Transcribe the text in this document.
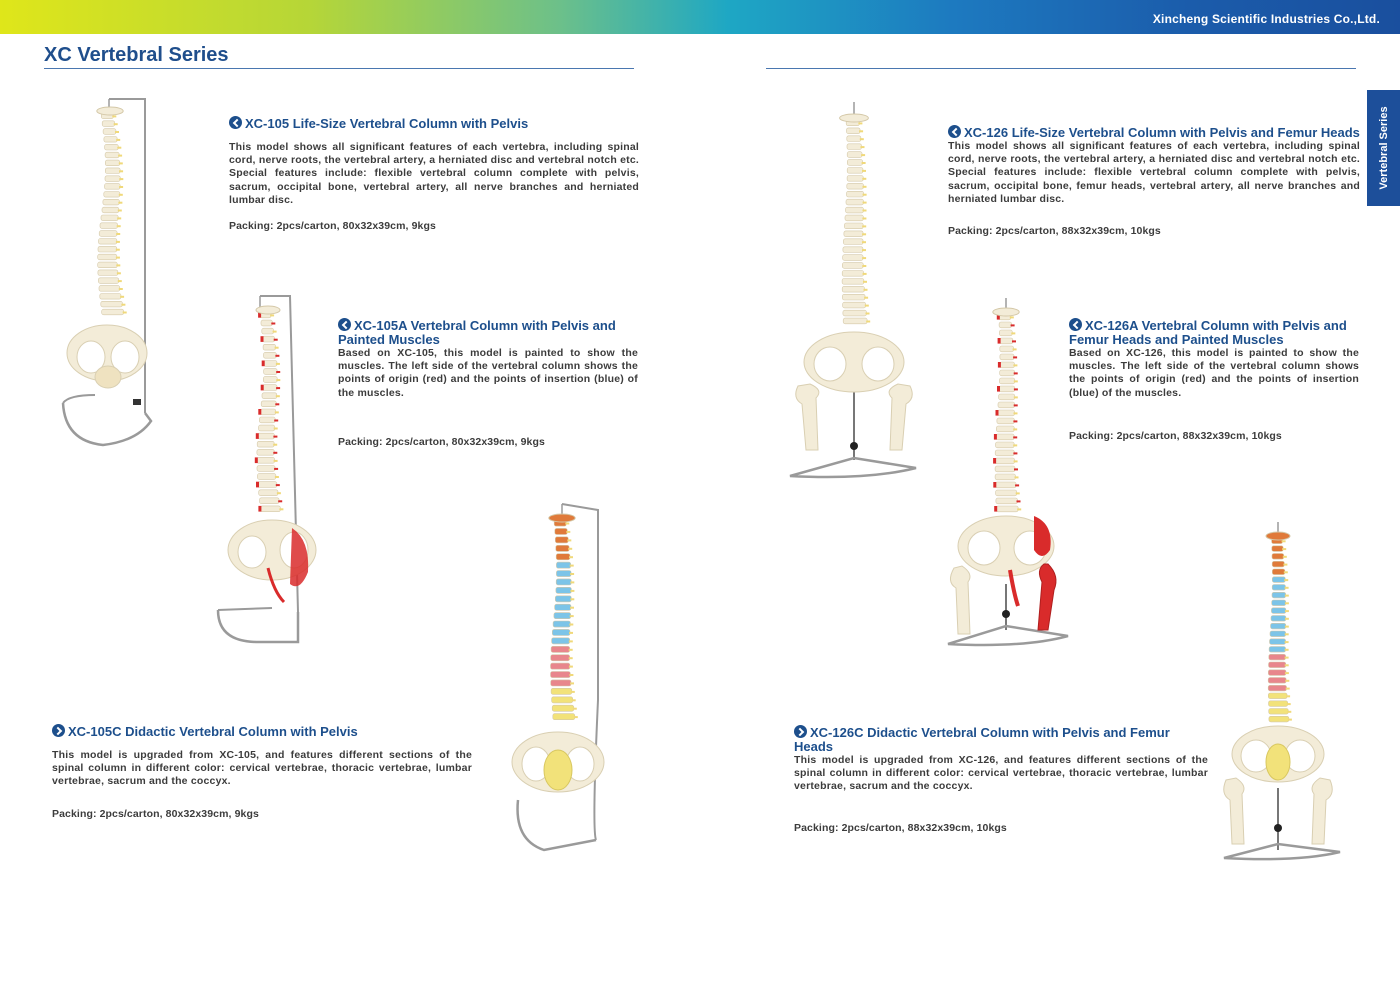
Xincheng Scientific Industries Co.,Ltd.
XC Vertebral Series
Vertebral Series
XC-105 Life-Size Vertebral Column with Pelvis
This model shows all significant features of each vertebra, including spinal cord, nerve roots, the vertebral artery, a herniated disc and vertebral notch etc. Special features include: flexible vertebral column complete with pelvis, sacrum, occipital bone, vertebral artery, all nerve branches and herniated lumbar disc.
Packing: 2pcs/carton, 80x32x39cm, 9kgs
XC-105A Vertebral Column with Pelvis and Painted Muscles
Based on XC-105, this model is painted to show the muscles. The left side of the vertebral column shows the points of origin (red) and the points of insertion (blue) of the muscles.
Packing: 2pcs/carton, 80x32x39cm, 9kgs
XC-105C Didactic Vertebral Column with Pelvis
This model is upgraded from XC-105, and features different sections of the spinal column in different color: cervical vertebrae, thoracic vertebrae, lumbar vertebrae, sacrum and the coccyx.
Packing: 2pcs/carton, 80x32x39cm, 9kgs
XC-126 Life-Size Vertebral Column with Pelvis and Femur Heads
This model shows all significant features of each vertebra, including spinal cord, nerve roots, the vertebral artery, a herniated disc and vertebral notch etc. Special features include: flexible vertebral column complete with pelvis, sacrum, occipital bone, femur heads, vertebral artery, all nerve branches and herniated lumbar disc.
Packing: 2pcs/carton, 88x32x39cm, 10kgs
XC-126A Vertebral Column with Pelvis and Femur Heads and Painted Muscles
Based on XC-126, this model is painted to show the muscles. The left side of the vertebral column shows the points of origin (red) and the points of insertion (blue) of the muscles.
Packing: 2pcs/carton, 88x32x39cm, 10kgs
XC-126C Didactic Vertebral Column with Pelvis and Femur Heads
This model is upgraded from XC-126, and features different sections of the spinal column in different color: cervical vertebrae, thoracic vertebrae, lumbar vertebrae, sacrum and the coccyx.
Packing: 2pcs/carton, 88x32x39cm, 10kgs
